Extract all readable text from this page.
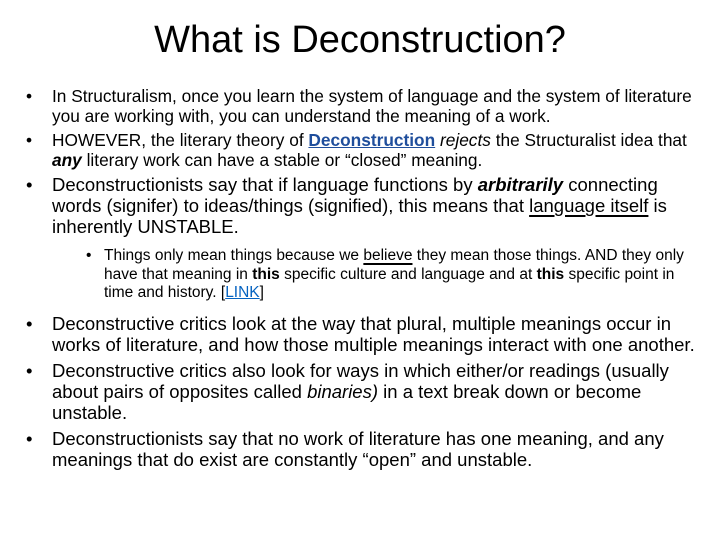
What is Deconstruction?
•	In Structuralism, once you learn the system of language and the system of literature you are working with, you can understand the meaning of a work.
•	HOWEVER, the literary theory of Deconstruction rejects the Structuralist idea that any literary work can have a stable or “closed” meaning.
•	Deconstructionists say that if language functions by arbitrarily connecting words (signifer) to ideas/things (signified), this means that language itself is inherently UNSTABLE.
• Things only mean things because we believe they mean those things. AND they only have that meaning in this specific culture and language and at this specific point in time and history. [LINK]
•	Deconstructive critics look at the way that plural, multiple meanings occur in works of literature, and how those multiple meanings interact with one another.
•	Deconstructive critics also look for ways in which either/or readings (usually about pairs of opposites called binaries) in a text break down or become unstable.
•	Deconstructionists say that no work of literature has one meaning, and any meanings that do exist are constantly “open” and unstable.
